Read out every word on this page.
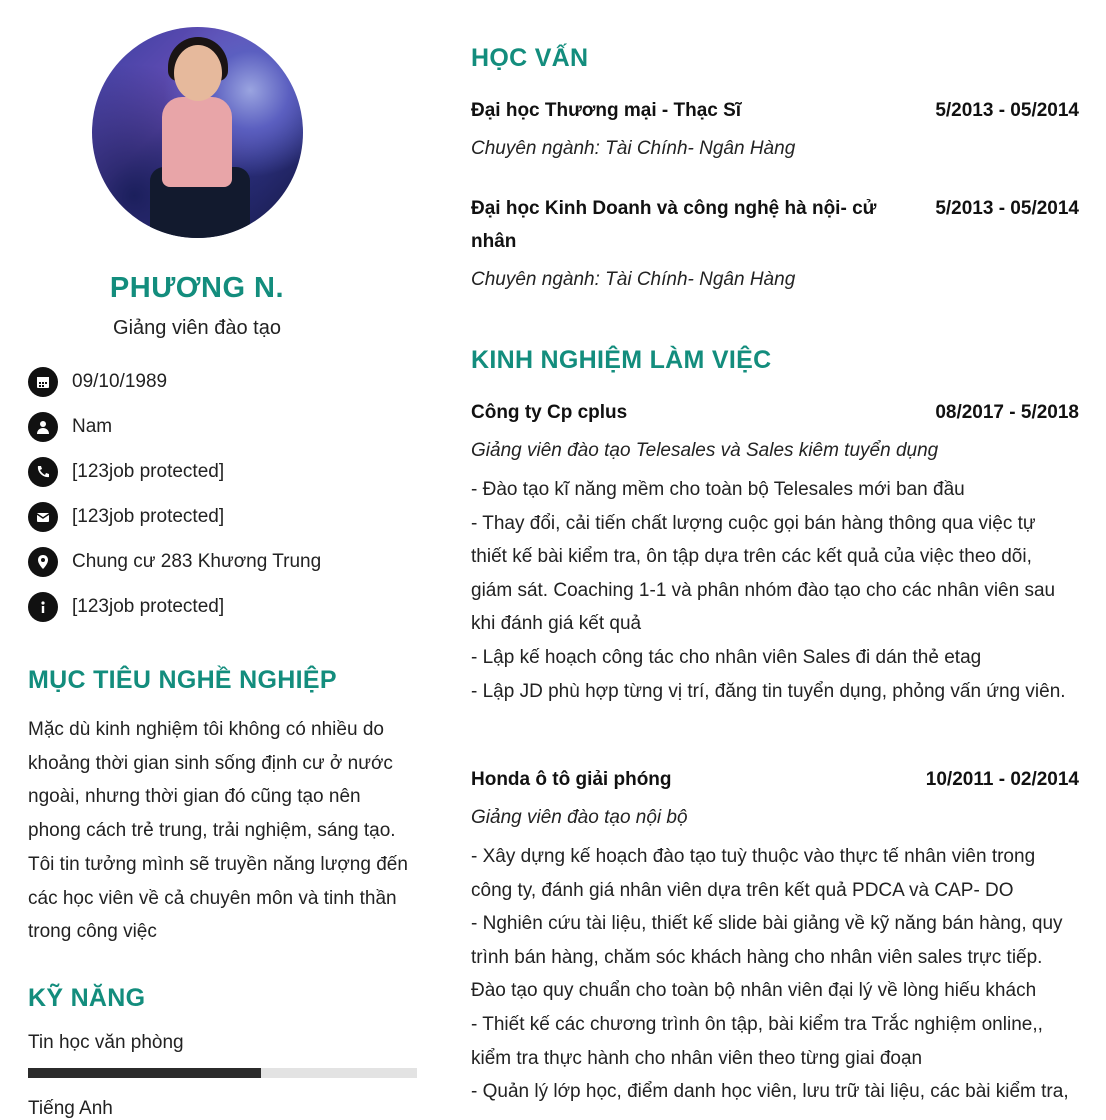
PHƯƠNG N.
Giảng viên đào tạo
09/10/1989
Nam
[123job protected]
[123job protected]
Chung cư 283 Khương Trung
[123job protected]
MỤC TIÊU NGHỀ NGHIỆP
Mặc dù kinh nghiệm tôi không có nhiều do
khoảng thời gian sinh sống định cư ở nước
ngoài, nhưng thời gian đó cũng tạo nên
phong cách trẻ trung, trải nghiệm, sáng tạo.
Tôi tin tưởng mình sẽ truyền năng lượng đến
các học viên về cả chuyên môn và tinh thần
trong công việc
KỸ NĂNG
Tin học văn phòng
Tiếng Anh
HỌC VẤN
Đại học Thương mại - Thạc Sĩ	5/2013 - 05/2014
Chuyên ngành: Tài Chính- Ngân Hàng
Đại học Kinh Doanh và công nghệ hà nội- cử
nhân
5/2013 - 05/2014
Chuyên ngành: Tài Chính- Ngân Hàng
KINH NGHIỆM LÀM VIỆC
Công ty Cp cplus	08/2017 - 5/2018
Giảng viên đào tạo Telesales và Sales kiêm tuyển dụng
- Đào tạo kĩ năng mềm cho toàn bộ Telesales mới ban đầu
- Thay đổi, cải tiến chất lượng cuộc gọi bán hàng thông qua việc tự
thiết kế bài kiểm tra, ôn tập dựa trên các kết quả của việc theo dõi,
giám sát. Coaching 1-1 và phân nhóm đào tạo cho các nhân viên sau
khi đánh giá kết quả
- Lập kế hoạch công tác cho nhân viên Sales đi dán thẻ etag
- Lập JD phù hợp từng vị trí, đăng tin tuyển dụng, phỏng vấn ứng viên.
Honda ô tô giải phóng	10/2011 - 02/2014
Giảng viên đào tạo nội bộ
- Xây dựng kế hoạch đào tạo tuỳ thuộc vào thực tế nhân viên trong
công ty, đánh giá nhân viên dựa trên kết quả PDCA và CAP- DO
- Nghiên cứu tài liệu, thiết kế slide bài giảng về kỹ năng bán hàng, quy
trình bán hàng, chăm sóc khách hàng cho nhân viên sales trực tiếp.
Đào tạo quy chuẩn cho toàn bộ nhân viên đại lý về lòng hiếu khách
- Thiết kế các chương trình ôn tập, bài kiểm tra Trắc nghiệm online,,
kiểm tra thực hành cho nhân viên theo từng giai đoạn
- Quản lý lớp học, điểm danh học viên, lưu trữ tài liệu, các bài kiểm tra,
